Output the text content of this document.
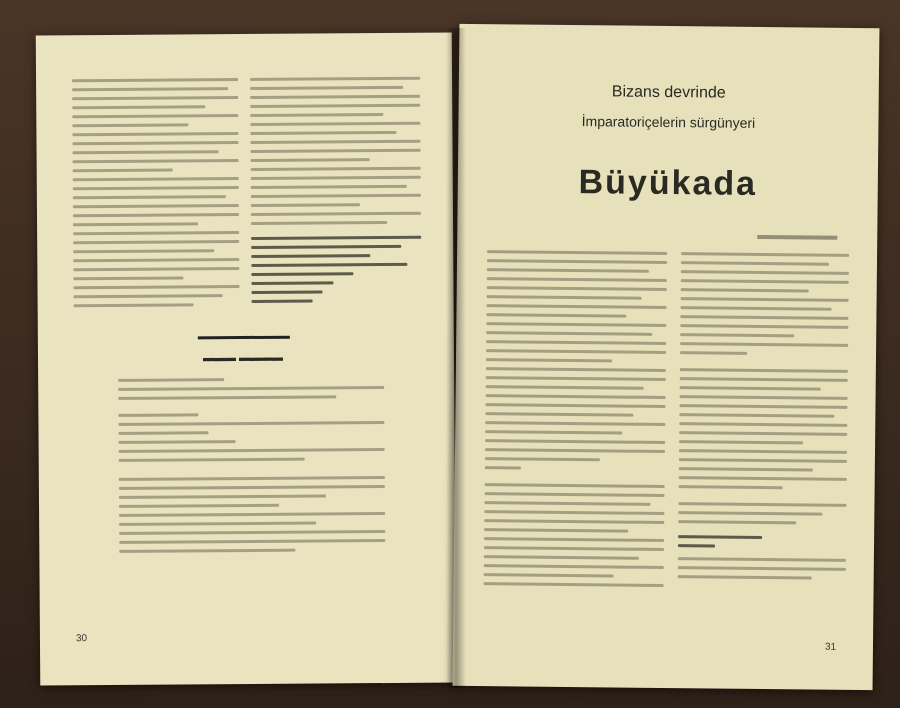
▬▬▬ ▬▬▬▬
30
Bizans devrinde
İmparatoriçelerin sürgünyeri
Büyükada
31
